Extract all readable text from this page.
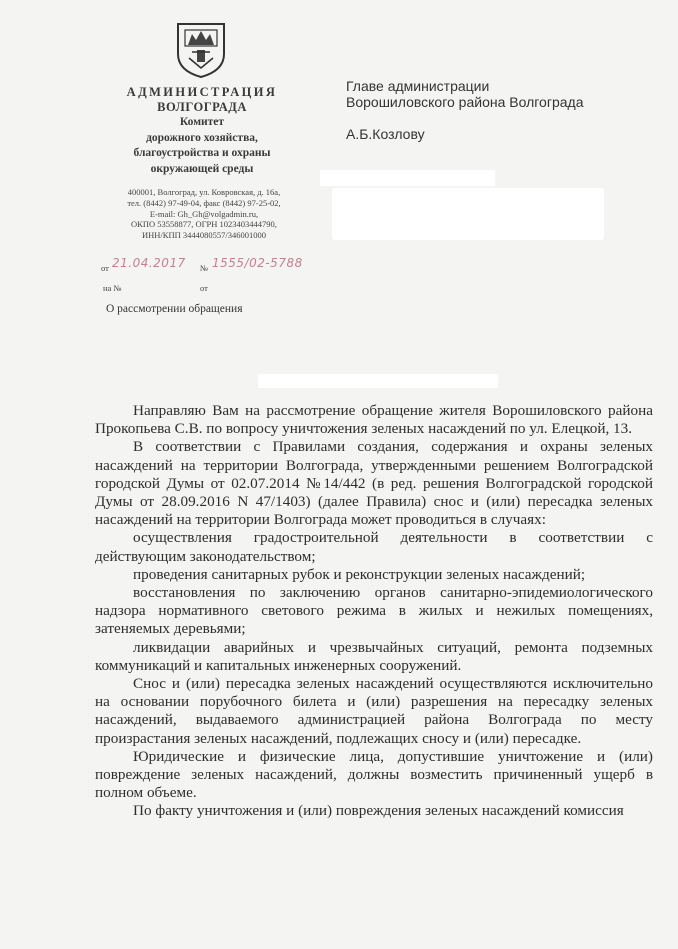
АДМИНИСТРАЦИЯ
ВОЛГОГРАДА
Комитет
дорожного хозяйства,
благоустройства и охраны
окружающей среды
400001, Волгоград, ул. Ковровская, д. 16а,
тел. (8442) 97-49-04, факс (8442) 97-25-02,
E-mail: Gh_Gh@volgadmin.ru,
ОКПО 53558877, ОГРН 1023403444790,
ИНН/КПП 3444080557/346001000
от 21.04.2017 № 1555/02-5788
на №	от
О рассмотрении обращения
Главе администрации
Ворошиловского района Волгограда
А.Б.Козлову

Направляю Вам на рассмотрение обращение жителя Ворошиловского района Прокопьева С.В. по вопросу уничтожения зеленых насаждений по ул. Елецкой, 13.

В соответствии с Правилами создания, содержания и охраны зеленых насаждений на территории Волгограда, утвержденными решением Волгоградской городской Думы от 02.07.2014 №14/442 (в ред. решения Волгоградской городской Думы от 28.09.2016 N 47/1403) (далее Правила) снос и (или) пересадка зеленых насаждений на территории Волгограда может проводиться в случаях:

осуществления градостроительной деятельности в соответствии с действующим законодательством;

проведения санитарных рубок и реконструкции зеленых насаждений;

восстановления по заключению органов санитарно-эпидемиологического надзора нормативного светового режима в жилых и нежилых помещениях, затеняемых деревьями;

ликвидации аварийных и чрезвычайных ситуаций, ремонта подземных коммуникаций и капитальных инженерных сооружений.

Снос и (или) пересадка зеленых насаждений осуществляются исключительно на основании порубочного билета и (или) разрешения на пересадку зеленых насаждений, выдаваемого администрацией района Волгограда по месту произрастания зеленых насаждений, подлежащих сносу и (или) пересадке.

Юридические и физические лица, допустившие уничтожение и (или) повреждение зеленых насаждений, должны возместить причиненный ущерб в полном объеме.

По факту уничтожения и (или) повреждения зеленых насаждений комиссия
